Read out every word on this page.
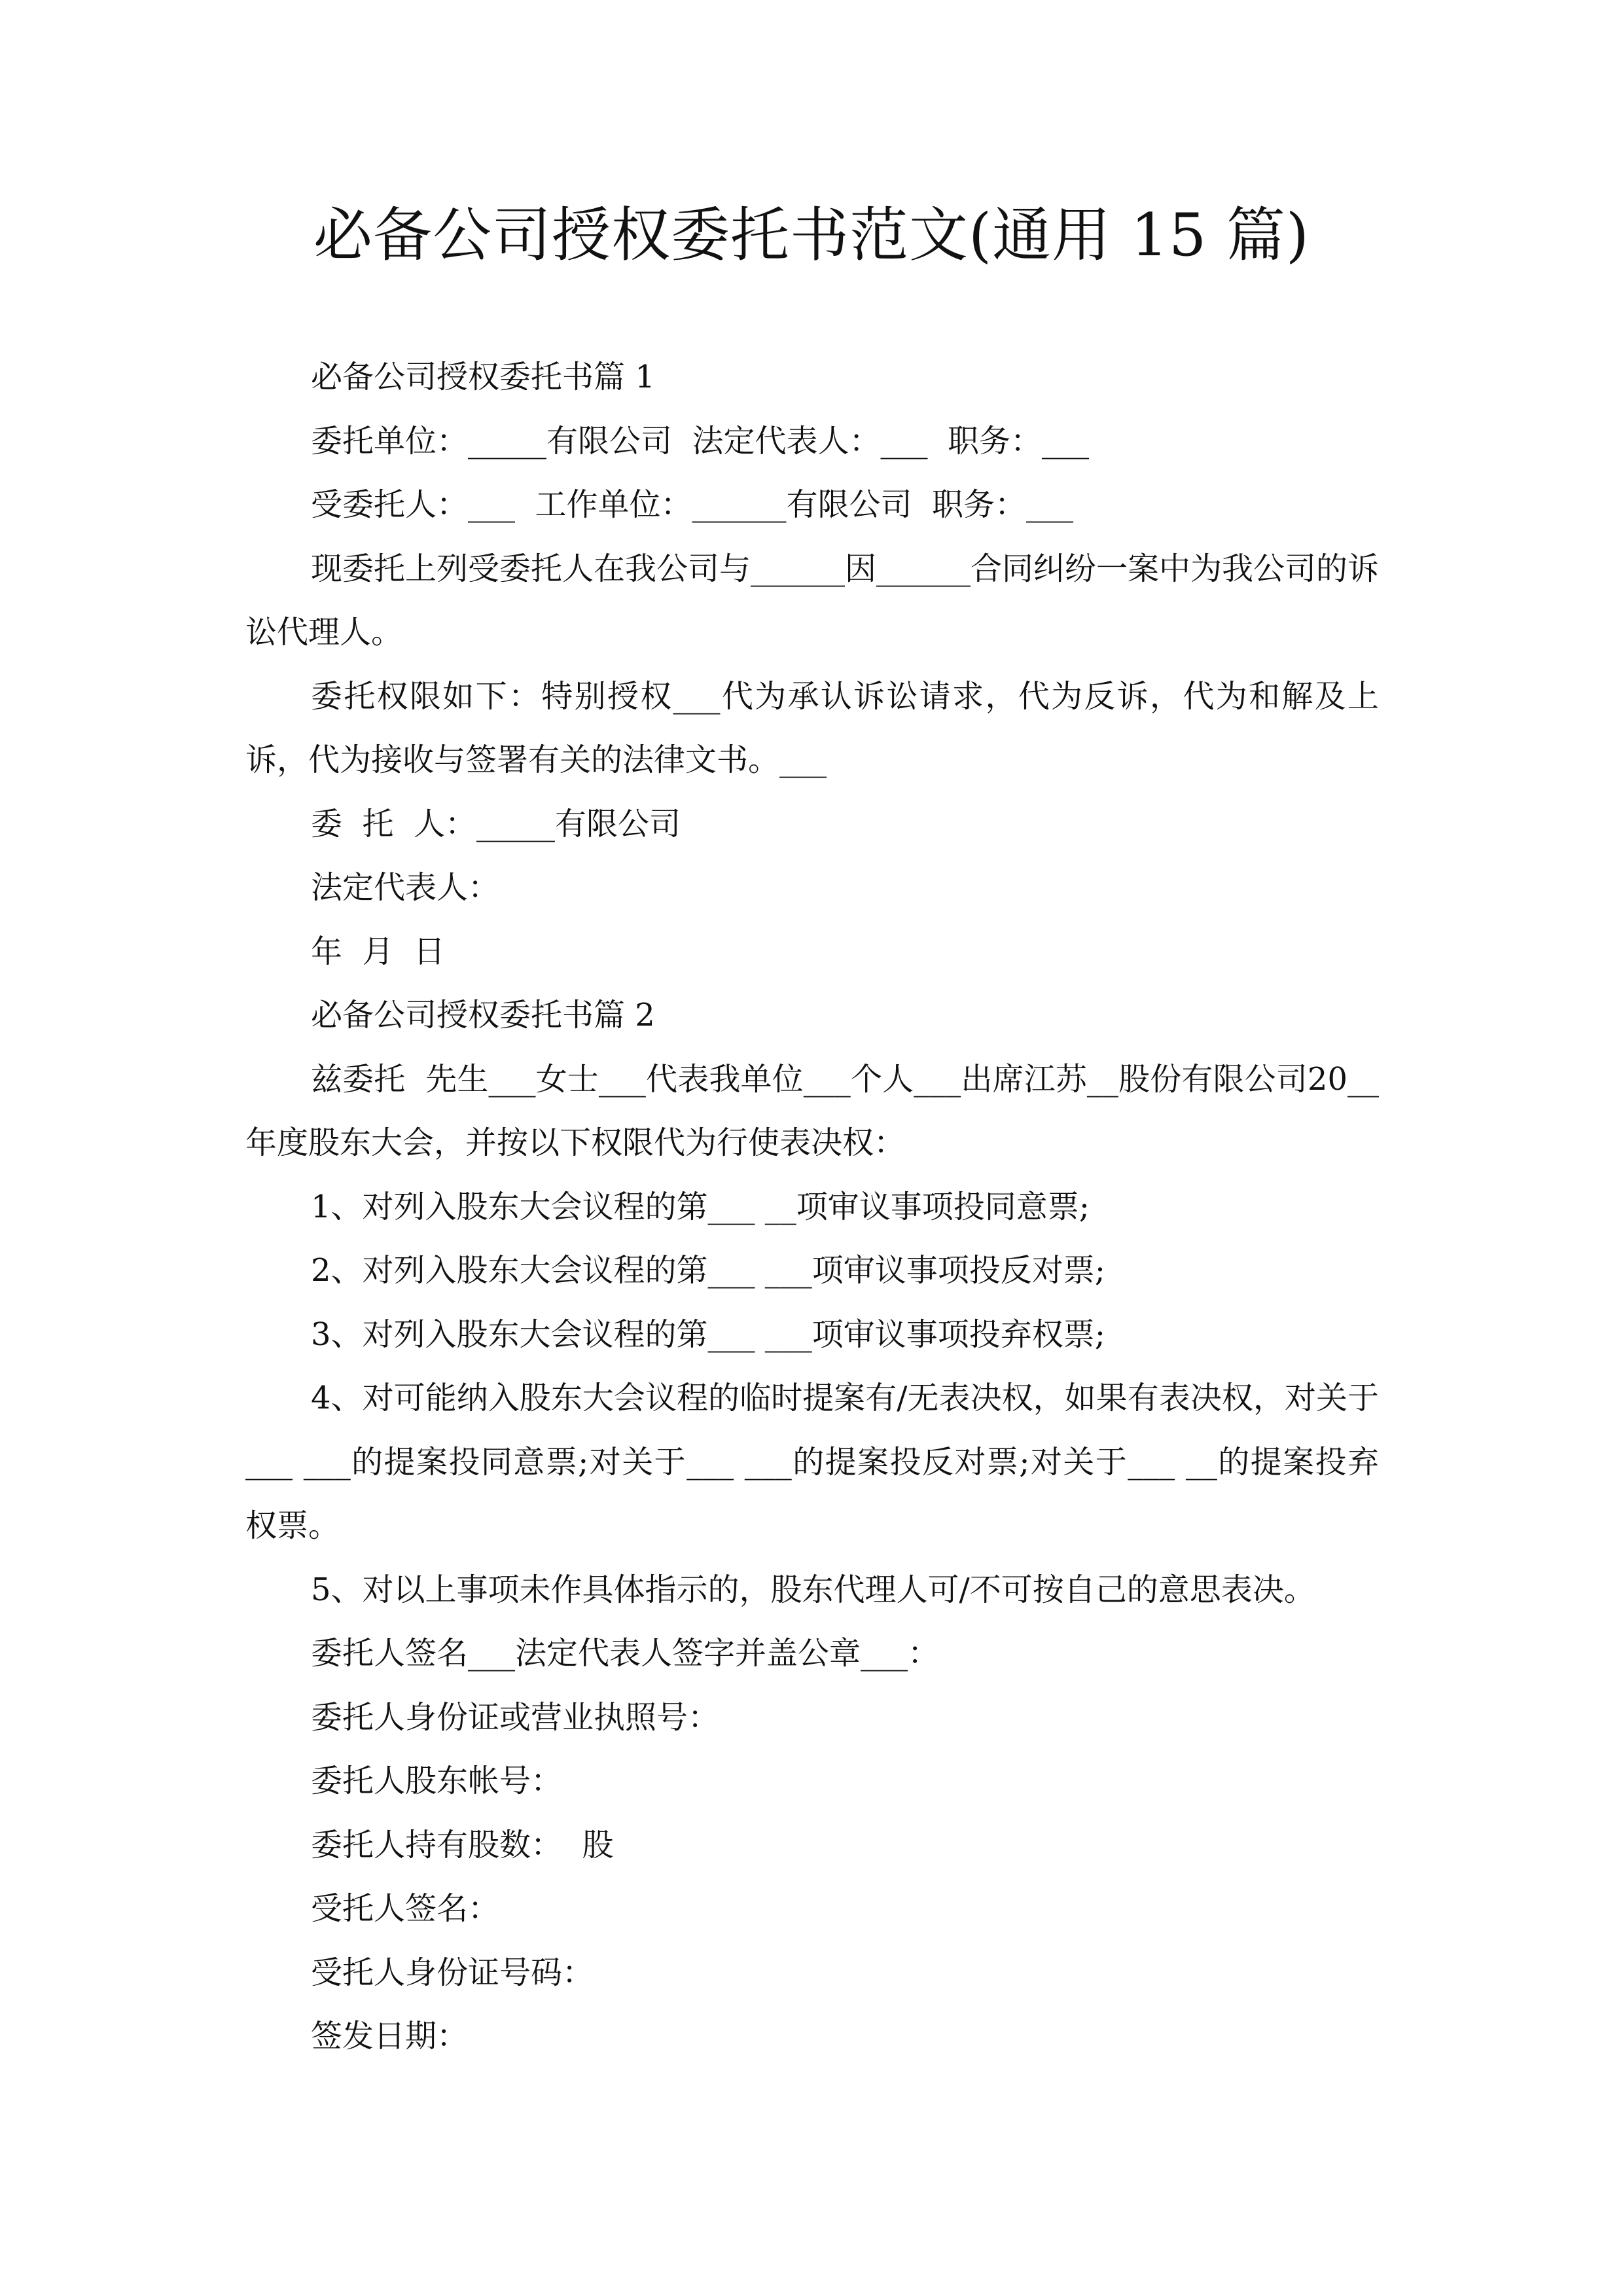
必备公司授权委托书范文(通用 15 篇)

必备公司授权委托书篇 1

委托单位：_____有限公司  法定代表人：___  职务：___

受委托人：___  工作单位：______有限公司  职务：___

现委托上列受委托人在我公司与______因______合同纠纷一案中为我公司的诉讼代理人。

委托权限如下：特别授权___代为承认诉讼请求，代为反诉，代为和解及上诉，代为接收与签署有关的法律文书。___

委  托  人：_____有限公司

法定代表人：

年  月  日

必备公司授权委托书篇 2

兹委托  先生___女士___代表我单位___个人___出席江苏__股份有限公司20__年度股东大会，并按以下权限代为行使表决权：

1、对列入股东大会议程的第___ __项审议事项投同意票;

2、对列入股东大会议程的第___ ___项审议事项投反对票;

3、对列入股东大会议程的第___ ___项审议事项投弃权票;

4、对可能纳入股东大会议程的临时提案有/无表决权，如果有表决权，对关于___ ___的提案投同意票;对关于___ ___的提案投反对票;对关于___ __的提案投弃权票。

5、对以上事项未作具体指示的，股东代理人可/不可按自己的意思表决。

委托人签名___法定代表人签字并盖公章___：

委托人身份证或营业执照号：

委托人股东帐号：

委托人持有股数：  股

受托人签名：

受托人身份证号码：

签发日期：
